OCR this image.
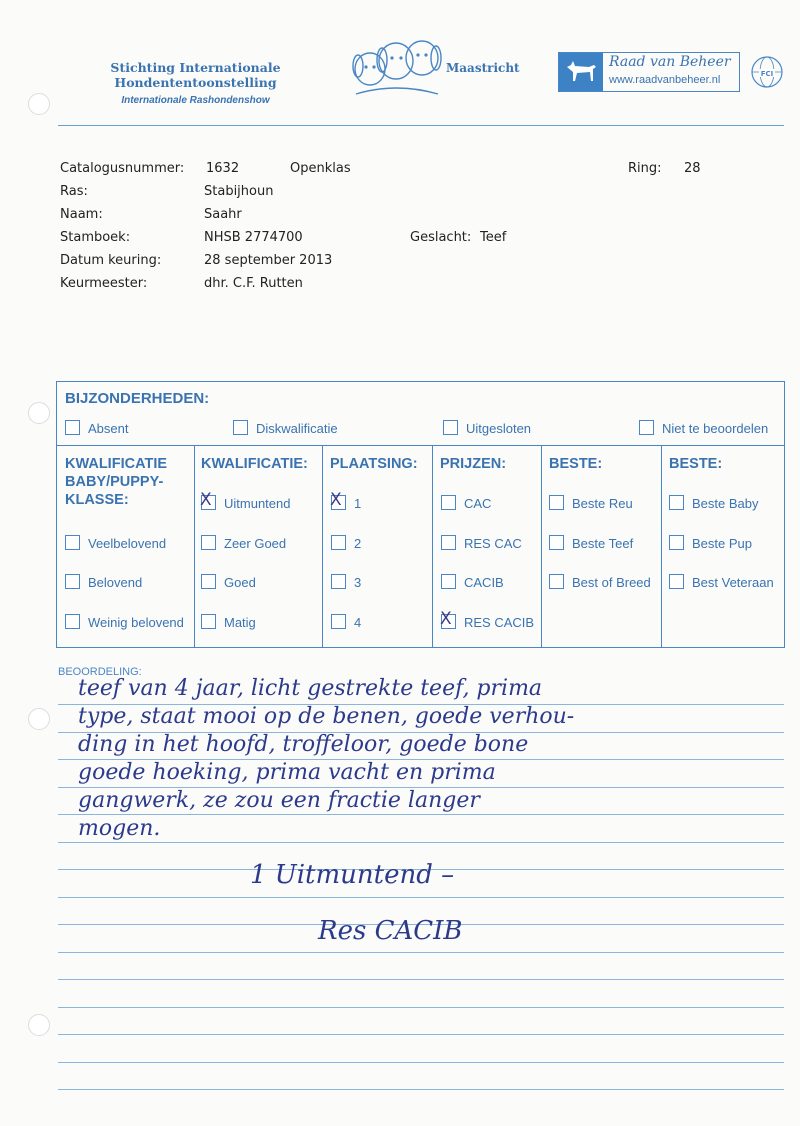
Stichting Internationale Hondententoonstelling
Internationale Rashondenshow
Maastricht	Raad van Beheer
www.raadvanbeheer.nl	FCI
Catalogusnummer: 1632	Openklas	Ring: 28
Ras:	Stabijhoun
Naam:	Saahr
Stamboek:	NHSB 2774700	Geslacht: Teef
Datum keuring:	28 september 2013
Keurmeester:	dhr. C.F. Rutten
BIJZONDERHEDEN:
Absent	Diskwalificatie	Uitgesloten	Niet te beoordelen
KWALIFICATIE BABY/PUPPY-KLASSE:
Veelbelovend
Belovend
Weinig belovend
KWALIFICATIE:
XUitmuntend
Zeer Goed
Goed
Matig
PLAATSING:
X1
2
3
4
PRIJZEN:
CAC
RES CAC
CACIB
XRES CACIB
BESTE:
Beste Reu
Beste Teef
Best of Breed
BESTE:
Beste Baby
Beste Pup
Best Veteraan
BEOORDELING:
teef van 4 jaar, licht gestrekte teef, prima
type, staat mooi op de benen, goede verhou-
ding in het hoofd, troffeloor, goede bone
goede hoeking, prima vacht en prima
gangwerk, ze zou een fractie langer
mogen.
1 Uitmuntend –
Res CACIB
